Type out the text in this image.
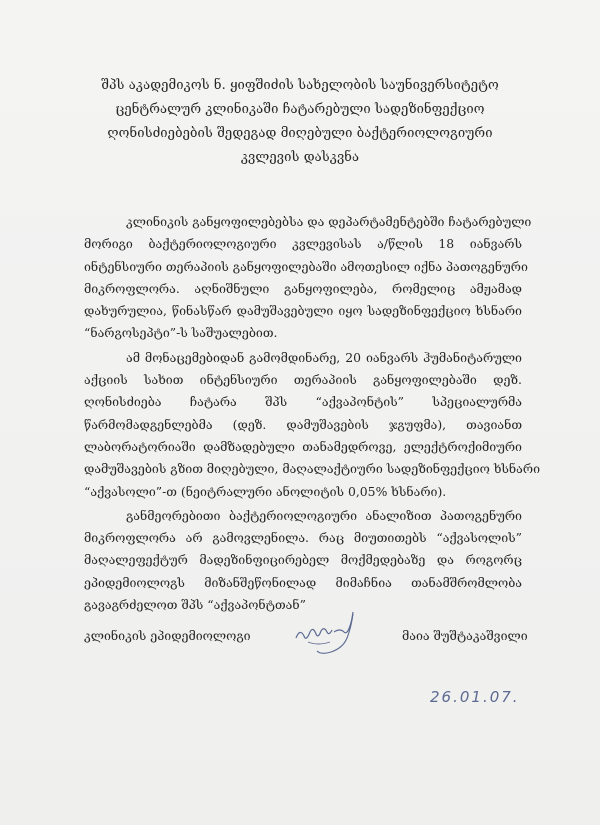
შპს აკადემიკოს ნ. ყიფშიძის სახელობის საუნივერსიტეტო
ცენტრალურ კლინიკაში ჩატარებული სადეზინფექციო
ღონისძიებების შედეგად მიღებული ბაქტერიოლოგიური
კვლევის დასკვნა
კლინიკის განყოფილებებსა და დეპარტამენტებში ჩატარებული
მორიგი ბაქტერიოლოგიური კვლევისას ა/წლის 18 იანვარს
ინტენსიური თერაპიის განყოფილებაში ამოთესილ იქნა პათოგენური
მიკროფლორა. აღნიშნული განყოფილება, რომელიც ამჟამად
დახურულია, წინასწარ დამუშავებული იყო სადეზინფექციო ხსნარი
“ნარგოსეპტი”-ს საშუალებით.
ამ მონაცემებიდან გამომდინარე, 20 იანვარს ჰუმანიტარული
აქციის სახით ინტენსიური თერაპიის განყოფილებაში დეზ.
ღონისძიება ჩატარა შპს “აქვაპონტის” სპეციალურმა
წარმომადგენლებმა (დეზ. დამუშავების ჯგუფმა), თავიანთ
ლაბორატორიაში დამზადებული თანამედროვე, ელექტროქიმიური
დამუშავების გზით მიღებული, მაღალაქტიური სადეზინფექციო ხსნარი
“აქვასოლი”-თ (ნეიტრალური ანოლიტის 0,05% ხსნარი).
განმეორებითი ბაქტერიოლოგიური ანალიზით პათოგენური
მიკროფლორა არ გამოვლენილა. რაც მიუთითებს “აქვასოლის”
მაღალეფექტურ მადეზინფიცირებელ მოქმედებაზე და როგორც
ეპიდემიოლოგს მიზანშეწონილად მიმაჩნია თანამშრომლობა
გავაგრძელოთ შპს “აქვაპონტთან”
კლინიკის ეპიდემიოლოგი	მაია შუშტაკაშვილი
26.01.07.
